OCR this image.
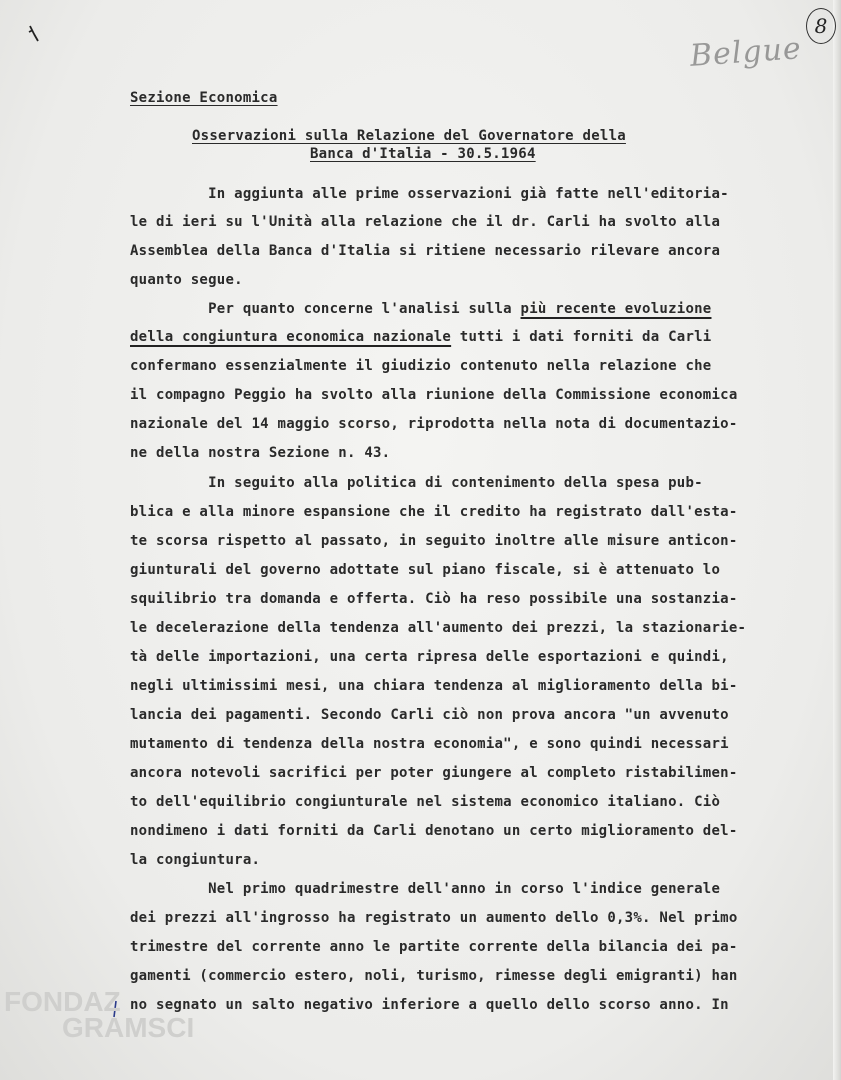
8
Belgue
Sezione Economica
Osservazioni sulla Relazione del Governatore della
Banca d'Italia - 30.5.1964
In aggiunta alle prime osservazioni già fatte nell'editoria-
le di ieri su l'Unità alla relazione che il dr. Carli ha svolto alla
Assemblea della Banca d'Italia si ritiene necessario rilevare ancora
quanto segue.
Per quanto concerne l'analisi sulla più recente evoluzione
della congiuntura economica nazionale tutti i dati forniti da Carli
confermano essenzialmente il giudizio contenuto nella relazione che
il compagno Peggio ha svolto alla riunione della Commissione economica
nazionale del 14 maggio scorso, riprodotta nella nota di documentazio-
ne della nostra Sezione n. 43.
In seguito alla politica di contenimento della spesa pub-
blica e alla minore espansione che il credito ha registrato dall'esta-
te scorsa rispetto al passato, in seguito inoltre alle misure anticon-
giunturali del governo adottate sul piano fiscale, si è attenuato lo
squilibrio tra domanda e offerta. Ciò ha reso possibile una sostanzia-
le decelerazione della tendenza all'aumento dei prezzi, la stazionarie-
tà delle importazioni, una certa ripresa delle esportazioni e quindi,
negli ultimissimi mesi, una chiara tendenza al miglioramento della bi-
lancia dei pagamenti. Secondo Carli ciò non prova ancora "un avvenuto
mutamento di tendenza della nostra economia", e sono quindi necessari
ancora notevoli sacrifici per poter giungere al completo ristabilimen-
to dell'equilibrio congiunturale nel sistema economico italiano. Ciò
nondimeno i dati forniti da Carli denotano un certo miglioramento del-
la congiuntura.
Nel primo quadrimestre dell'anno in corso l'indice generale
dei prezzi all'ingrosso ha registrato un aumento dello 0,3%. Nel primo
trimestre del corrente anno le partite corrente della bilancia dei pa-
gamenti (commercio estero, noli, turismo, rimesse degli emigranti) han
no segnato un salto negativo inferiore a quello dello scorso anno. In
FONDAZ
GRAMSCI
